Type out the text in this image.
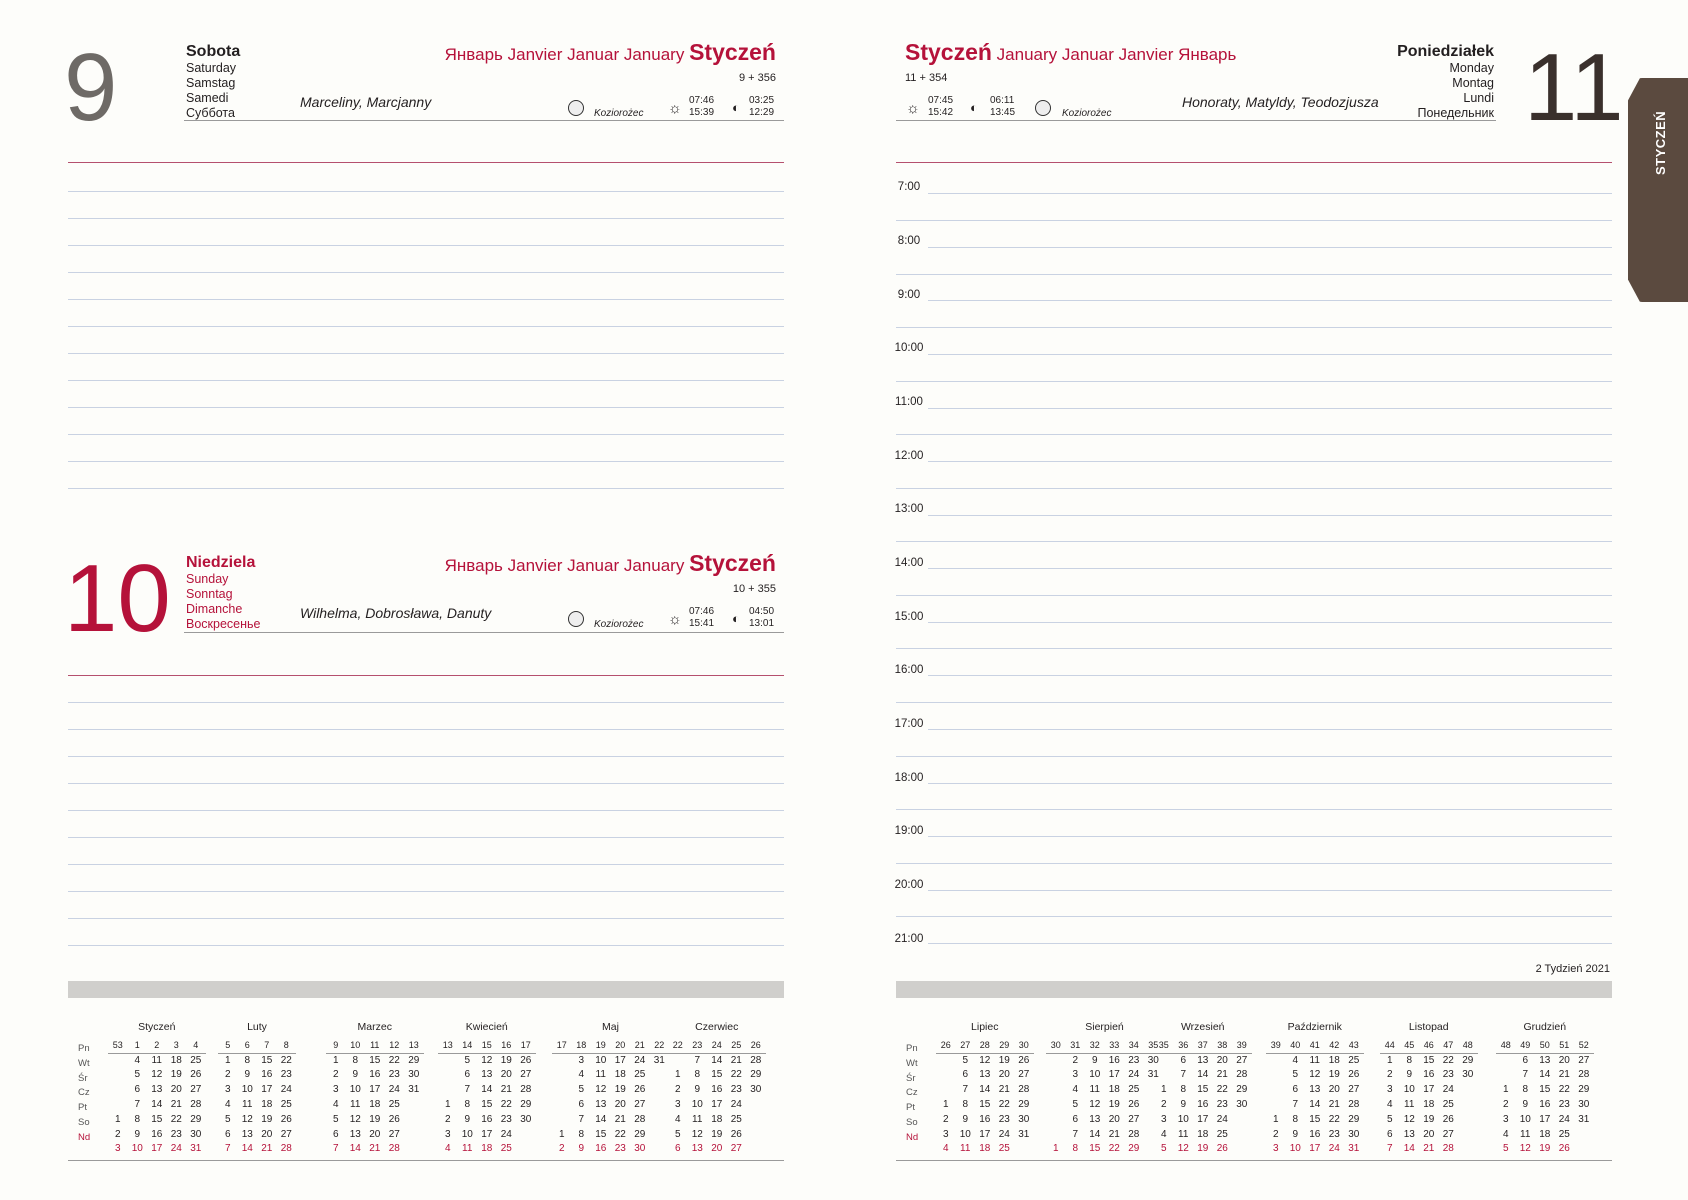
9	Sobota
Saturday
Samstag
Samedi
Суббота
Marceliny, Marcjanny
Январь Janvier Januar January Styczeń
9 + 356
Koziorożec ☼ 07:46
15:39 ◐ 03:25
12:29
10 Niedziela
Sunday
Sonntag
Dimanche
Воскресенье
Wilhelma, Dobrosława, Danuty
Январь Janvier Januar January Styczeń
10 + 355
Koziorożec ☼ 07:46
15:41 ◐ 04:50
13:01
Styczeń January Januar Janvier Январь
11 + 354
☼ 07:45
15:42 ◐ 06:11
13:45	Koziorożec
Honoraty, Matyldy, Teodozjusza
Poniedziałek
Monday
Montag
Lundi
Понедельник 11
7:00
8:00
9:00
10:00
11:00
12:00
13:00
14:00
15:00
16:00
17:00
18:00
19:00
20:00
21:00
2 Tydzień 2021
STYCZEŃ
Pn
Wt
Śr
Cz
Pt
So
Nd
Styczeń
53	1	2	3	4
	4	11	18	25
	5	12	19	26
	6	13	20	27
	7	14	21	28
1	8	15	22	29
2	9	16	23	30
3	10	17	24	31
Luty
5	6	7	8
1	8	15	22
2	9	16	23
3	10	17	24
4	11	18	25
5	12	19	26
6	13	20	27
7	14	21	28
Marzec
9	10	11	12	13
1	8	15	22	29
2	9	16	23	30
3	10	17	24	31
4	11	18	25	
5	12	19	26	
6	13	20	27	
7	14	21	28	
Kwiecień
13	14	15	16	17
	5	12	19	26
	6	13	20	27
	7	14	21	28
1	8	15	22	29
2	9	16	23	30
3	10	17	24	
4	11	18	25	
Maj
17	18	19	20	21	22
	3	10	17	24	31
	4	11	18	25	
	5	12	19	26	
	6	13	20	27	
	7	14	21	28	
1	8	15	22	29	
2	9	16	23	30	
Czerwiec
22	23	24	25	26
	7	14	21	28
1	8	15	22	29
2	9	16	23	30
3	10	17	24	
4	11	18	25	
5	12	19	26	
6	13	20	27	
Pn
Wt
Śr
Cz
Pt
So
Nd
Lipiec
26	27	28	29	30
	5	12	19	26
	6	13	20	27
	7	14	21	28
1	8	15	22	29
2	9	16	23	30
3	10	17	24	31
4	11	18	25	
Sierpień
30	31	32	33	34	35
	2	9	16	23	30
	3	10	17	24	31
	4	11	18	25	
	5	12	19	26	
	6	13	20	27	
	7	14	21	28	
1	8	15	22	29	
Wrzesień
35	36	37	38	39
	6	13	20	27
	7	14	21	28
1	8	15	22	29
2	9	16	23	30
3	10	17	24	
4	11	18	25	
5	12	19	26	
Październik
39	40	41	42	43
	4	11	18	25
	5	12	19	26
	6	13	20	27
	7	14	21	28
1	8	15	22	29
2	9	16	23	30
3	10	17	24	31
Listopad
44	45	46	47	48
1	8	15	22	29
2	9	16	23	30
3	10	17	24	
4	11	18	25	
5	12	19	26	
6	13	20	27	
7	14	21	28	
Grudzień
48	49	50	51	52
	6	13	20	27
	7	14	21	28
1	8	15	22	29
2	9	16	23	30
3	10	17	24	31
4	11	18	25	
5	12	19	26	
